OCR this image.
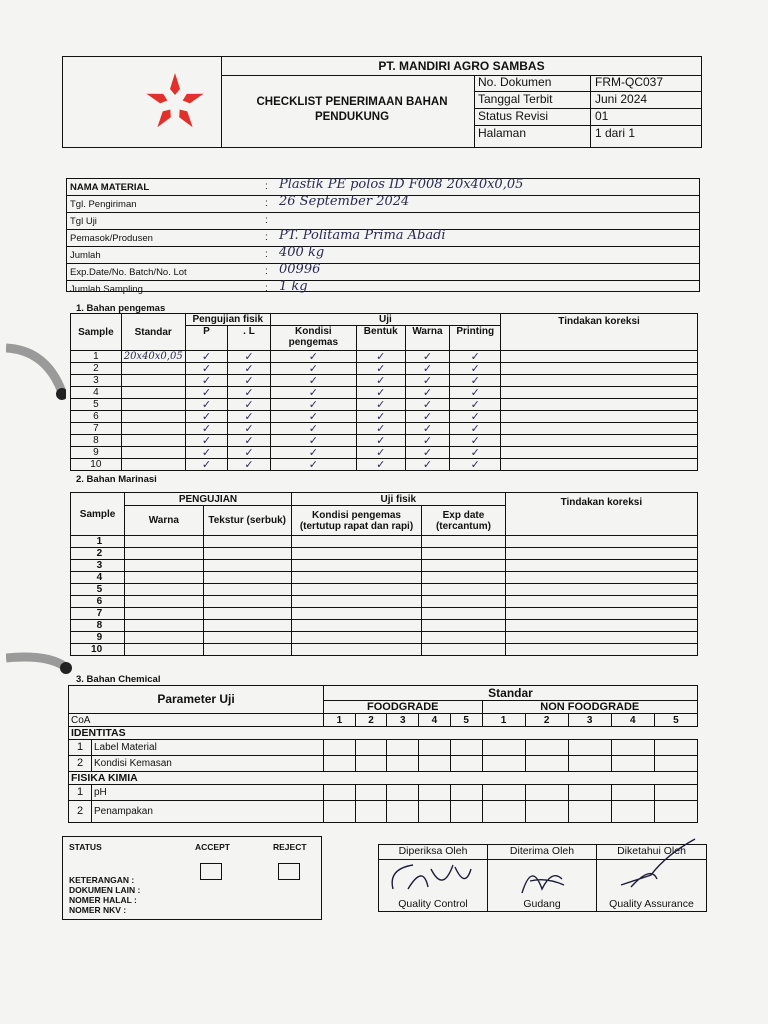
PT. MANDIRI AGRO SAMBAS
CHECKLIST PENERIMAAN BAHAN
PENDUKUNG
No. Dokumen	FRM-QC037
Tanggal Terbit	Juni 2024
Status Revisi	01
Halaman	1 dari 1
NAMA MATERIAL	: Plastik PE polos ID F008 20x40x0,05
Tgl. Pengiriman	: 26 September 2024
Tgl Uji	:
Pemasok/Produsen	: PT. Politama Prima Abadi
Jumlah	: 400 kg
Exp.Date/No. Batch/No. Lot	: 00996
Jumlah Sampling	: 1 kg
1. Bahan pengemas
Sample	Standar	Pengujian fisik		Uji				Tindakan koreksi
		P	. L	Kondisi pengemas	Bentuk	Warna	Printing	

1	20x40x0,05	✓	✓	✓	✓	✓	✓	
2		✓	✓	✓	✓	✓	✓	
3		✓	✓	✓	✓	✓	✓	
4		✓	✓	✓	✓	✓	✓	
5		✓	✓	✓	✓	✓	✓	
6		✓	✓	✓	✓	✓	✓	
7		✓	✓	✓	✓	✓	✓	
8		✓	✓	✓	✓	✓	✓	
9		✓	✓	✓	✓	✓	✓	
10		✓	✓	✓	✓	✓	✓	
2. Bahan Marinasi
Sample	PENGUJIAN		Uji fisik		Tindakan koreksi
	Warna	Tekstur (serbuk)	Kondisi pengemas (tertutup rapat dan rapi)	Exp date (tercantum)	
1					
2					
3					
4					
5					
6					
7					
8					
9					
10					
3. Bahan Chemical
Parameter Uji		Standar									
		FOODGRADE					NON FOODGRADE				
CoA		1	2	3	4	5	1	2	3	4	5
IDENTITAS											
1	Label Material										
2	Kondisi Kemasan										
FISIKA KIMIA											
1	pH										
2	Penampakan										
STATUS	ACCEPT	REJECT
KETERANGAN :
DOKUMEN LAIN :
NOMER HALAL :
NOMER NKV :
Diperiksa Oleh
Quality Control
Diterima Oleh
Gudang
Diketahui Oleh
Quality Assurance
